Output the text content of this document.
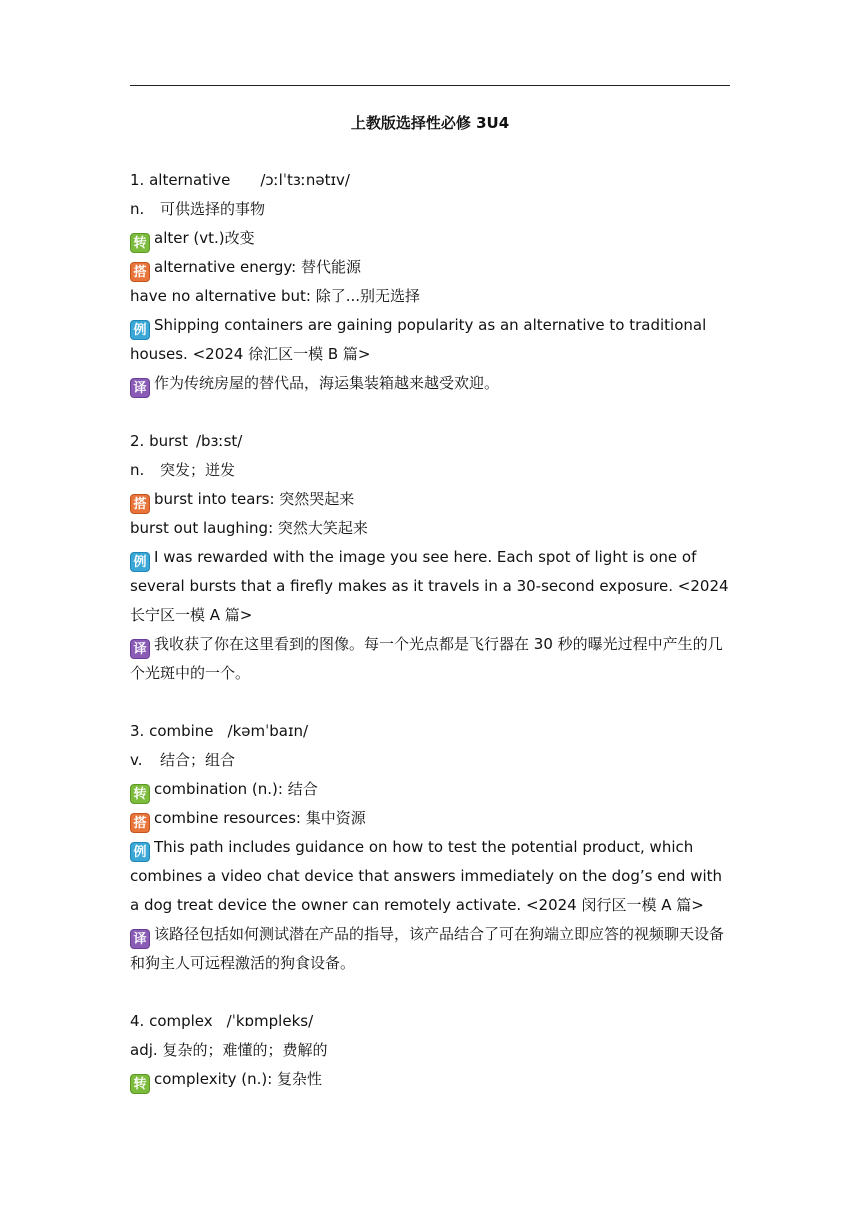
上教版选择性必修 3U4
1. alternative /ɔːlˈtɜːnətɪv/
n. 可供选择的事物
转 alter (vt.)改变
搭 alternative energy: 替代能源
have no alternative but: 除了...别无选择
例 Shipping containers are gaining popularity as an alternative to traditional houses. <2024 徐汇区一模 B 篇>
译 作为传统房屋的替代品，海运集装箱越来越受欢迎。
2. burst /bɜːst/
n. 突发；迸发
搭 burst into tears: 突然哭起来
burst out laughing: 突然大笑起来
例 I was rewarded with the image you see here. Each spot of light is one of several bursts that a firefly makes as it travels in a 30-second exposure. <2024 长宁区一模 A 篇>
译 我收获了你在这里看到的图像。每一个光点都是飞行器在 30 秒的曝光过程中产生的几个光斑中的一个。
3. combine /kəmˈbaɪn/
v. 结合；组合
转 combination (n.): 结合
搭 combine resources: 集中资源
例 This path includes guidance on how to test the potential product, which combines a video chat device that answers immediately on the dog’s end with a dog treat device the owner can remotely activate. <2024 闵行区一模 A 篇>
译 该路径包括如何测试潜在产品的指导，该产品结合了可在狗端立即应答的视频聊天设备和狗主人可远程激活的狗食设备。
4. complex /ˈkɒmpleks/
adj. 复杂的；难懂的；费解的
转 complexity (n.): 复杂性
